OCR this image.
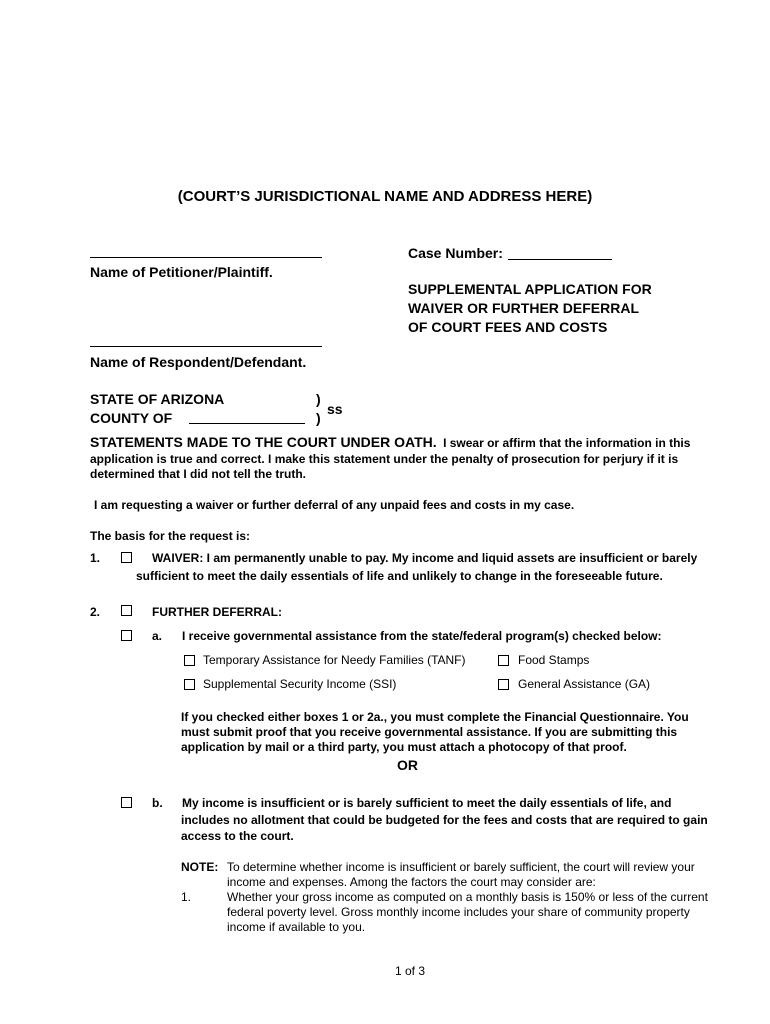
(COURT’S JURISDICTIONAL NAME AND ADDRESS HERE)
Name of Petitioner/Plaintiff.
Case Number:
SUPPLEMENTAL APPLICATION FOR
WAIVER OR FURTHER DEFERRAL
OF COURT FEES AND COSTS
Name of Respondent/Defendant.
STATE OF ARIZONA
COUNTY OF
)
)
ss
STATEMENTS MADE TO THE COURT UNDER OATH. I swear or affirm that the information in this
application is true and correct. I make this statement under the penalty of prosecution for perjury if it is
determined that I did not tell the truth.
I am requesting a waiver or further deferral of any unpaid fees and costs in my case.
The basis for the request is:
1.	WAIVER: I am permanently unable to pay. My income and liquid assets are insufficient or barely
sufficient to meet the daily essentials of life and unlikely to change in the foreseeable future.
2.	FURTHER DEFERRAL:
a. I receive governmental assistance from the state/federal program(s) checked below:
Temporary Assistance for Needy Families (TANF)	Food Stamps
Supplemental Security Income (SSI)	General Assistance (GA)
If you checked either boxes 1 or 2a., you must complete the Financial Questionnaire. You
must submit proof that you receive governmental assistance. If you are submitting this
application by mail or a third party, you must attach a photocopy of that proof.
OR
b. My income is insufficient or is barely sufficient to meet the daily essentials of life, and
includes no allotment that could be budgeted for the fees and costs that are required to gain
access to the court.
NOTE: To determine whether income is insufficient or barely sufficient, the court will review your
income and expenses. Among the factors the court may consider are:
1.	Whether your gross income as computed on a monthly basis is 150% or less of the current
federal poverty level. Gross monthly income includes your share of community property
income if available to you.
1 of 3
